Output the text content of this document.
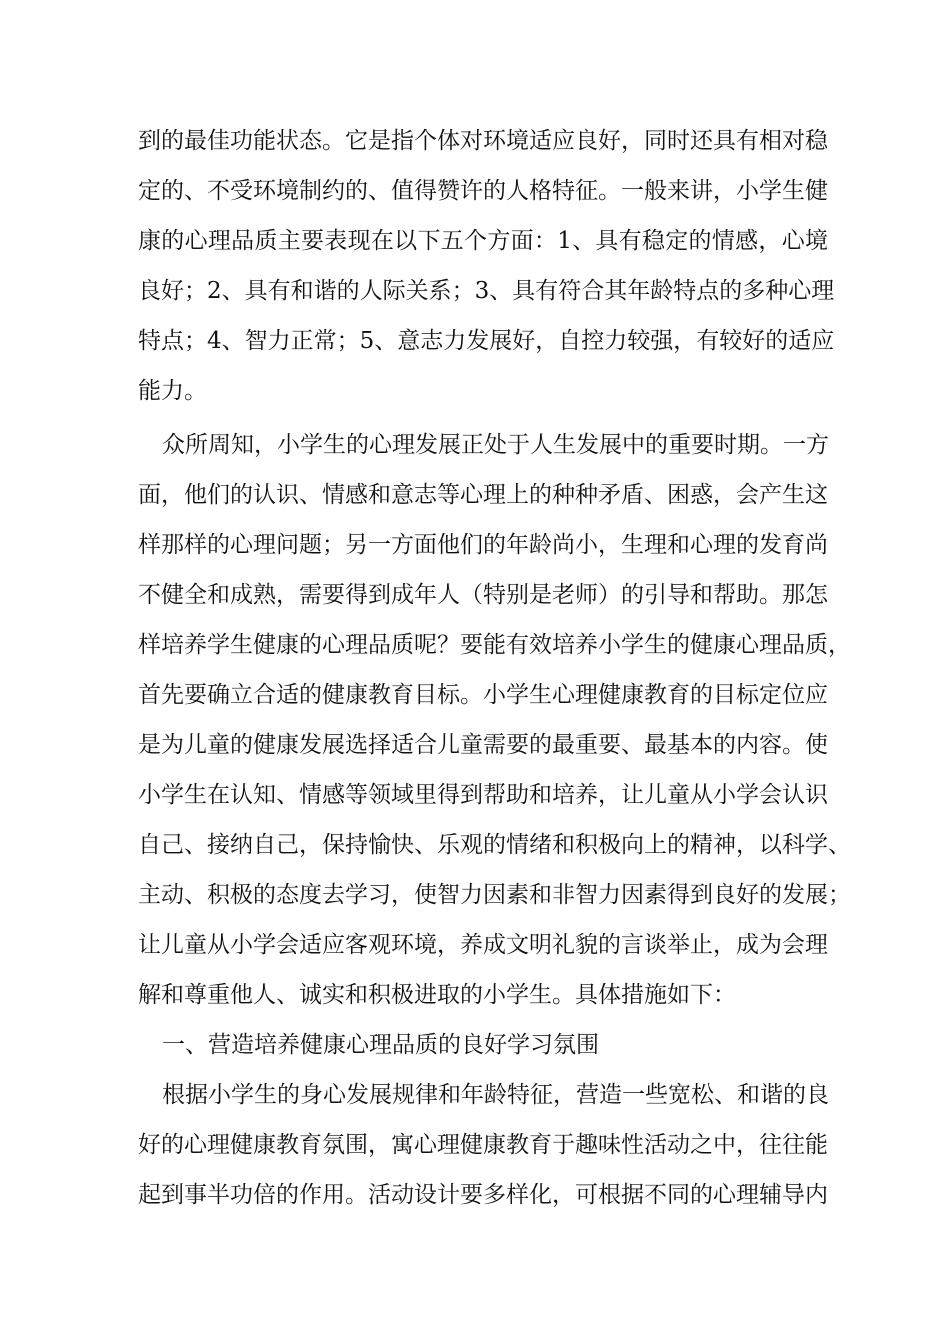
到的最佳功能状态。它是指个体对环境适应良好，同时还具有相对稳
定的、不受环境制约的、值得赞许的人格特征。一般来讲，小学生健
康的心理品质主要表现在以下五个方面：1、具有稳定的情感，心境
良好；2、具有和谐的人际关系；3、具有符合其年龄特点的多种心理
特点；4、智力正常；5、意志力发展好，自控力较强，有较好的适应
能力。
众所周知，小学生的心理发展正处于人生发展中的重要时期。一方
面，他们的认识、情感和意志等心理上的种种矛盾、困惑，会产生这
样那样的心理问题；另一方面他们的年龄尚小，生理和心理的发育尚
不健全和成熟，需要得到成年人（特别是老师）的引导和帮助。那怎
样培养学生健康的心理品质呢？要能有效培养小学生的健康心理品质，
首先要确立合适的健康教育目标。小学生心理健康教育的目标定位应
是为儿童的健康发展选择适合儿童需要的最重要、最基本的内容。使
小学生在认知、情感等领域里得到帮助和培养，让儿童从小学会认识
自己、接纳自己，保持愉快、乐观的情绪和积极向上的精神，以科学、
主动、积极的态度去学习，使智力因素和非智力因素得到良好的发展；
让儿童从小学会适应客观环境，养成文明礼貌的言谈举止，成为会理
解和尊重他人、诚实和积极进取的小学生。具体措施如下：
一、营造培养健康心理品质的良好学习氛围
根据小学生的身心发展规律和年龄特征，营造一些宽松、和谐的良
好的心理健康教育氛围，寓心理健康教育于趣味性活动之中，往往能
起到事半功倍的作用。活动设计要多样化，可根据不同的心理辅导内
